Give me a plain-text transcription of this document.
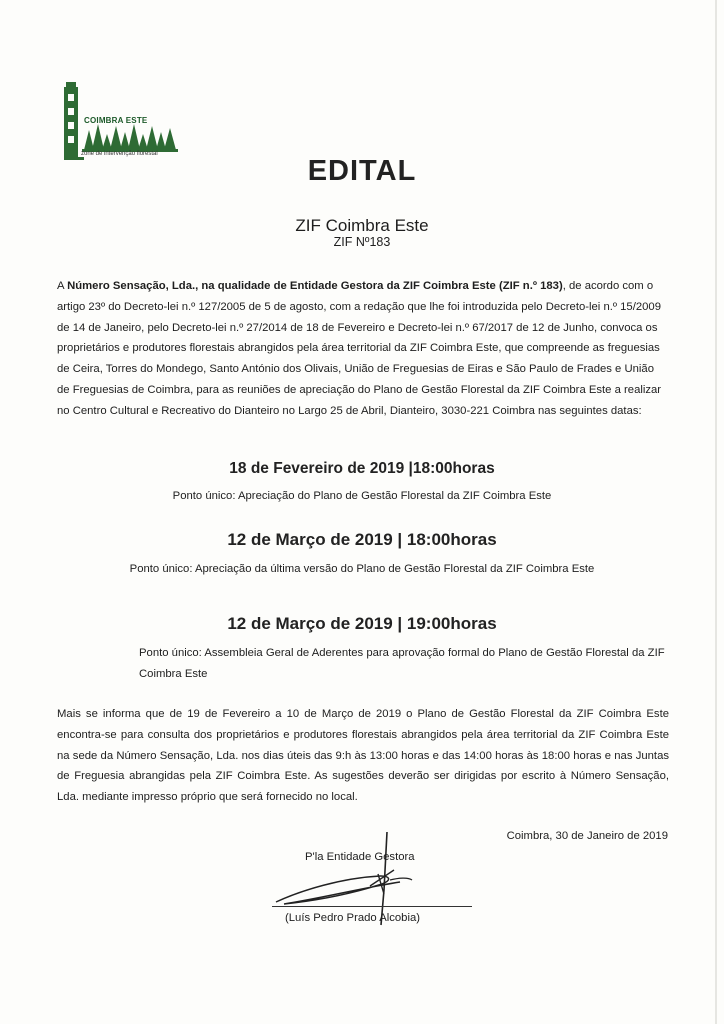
COIMBRA ESTE
zone de intervenção florestal
EDITAL
ZIF Coimbra Este
ZIF Nº183

A Número Sensação, Lda., na qualidade de Entidade Gestora da ZIF Coimbra Este (ZIF n.º 183), de acordo com o artigo 23º do Decreto-lei n.º 127/2005 de 5 de agosto, com a redação que lhe foi introduzida pelo Decreto-lei n.º 15/2009 de 14 de Janeiro, pelo Decreto-lei n.º 27/2014 de 18 de Fevereiro e Decreto-lei n.º 67/2017 de 12 de Junho, convoca os proprietários e produtores florestais abrangidos pela área territorial da ZIF Coimbra Este, que compreende as freguesias de Ceira, Torres do Mondego, Santo António dos Olivais, União de Freguesias de Eiras e São Paulo de Frades e União de Freguesias de Coimbra, para as reuniões de apreciação do Plano de Gestão Florestal da ZIF Coimbra Este a realizar no Centro Cultural e Recreativo do Dianteiro no Largo 25 de Abril, Dianteiro, 3030-221 Coimbra nas seguintes datas:

18 de Fevereiro de 2019 |18:00horas

Ponto único: Apreciação do Plano de Gestão Florestal da ZIF Coimbra Este

12 de Março de 2019 | 18:00horas

Ponto único: Apreciação da última versão do Plano de Gestão Florestal da ZIF Coimbra Este

12 de Março de 2019 | 19:00horas

Ponto único: Assembleia Geral de Aderentes para aprovação formal do Plano de Gestão Florestal da ZIF Coimbra Este

Mais se informa que de 19 de Fevereiro a 10 de Março de 2019 o Plano de Gestão Florestal da ZIF Coimbra Este encontra-se para consulta dos proprietários e produtores florestais abrangidos pela área territorial da ZIF Coimbra Este na sede da Número Sensação, Lda. nos dias úteis das 9:h às 13:00 horas e das 14:00 horas às 18:00 horas e nas Juntas de Freguesia abrangidas pela ZIF Coimbra Este. As sugestões deverão ser dirigidas por escrito à Número Sensação, Lda. mediante impresso próprio que será fornecido no local.

Coimbra, 30 de Janeiro de 2019
P'la Entidade Gestora
(Luís Pedro Prado Alcobia)
